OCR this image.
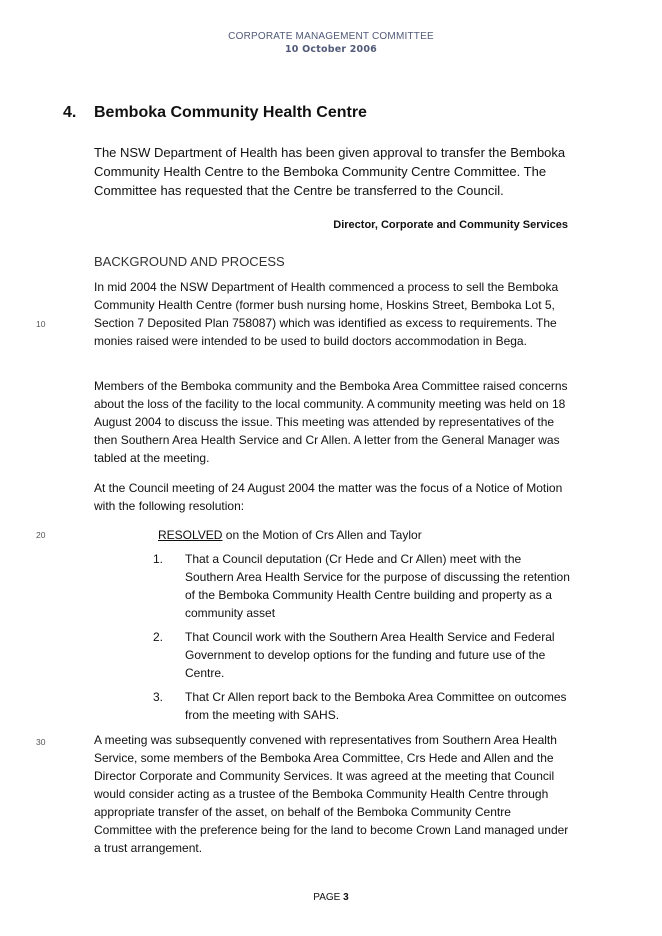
CORPORATE MANAGEMENT COMMITTEE
10 October 2006
4. Bemboka Community Health Centre
The NSW Department of Health has been given approval to transfer the Bemboka Community Health Centre to the Bemboka Community Centre Committee. The Committee has requested that the Centre be transferred to the Council.
Director, Corporate and Community Services
BACKGROUND AND PROCESS
10
20
30
In mid 2004 the NSW Department of Health commenced a process to sell the Bemboka Community Health Centre (former bush nursing home, Hoskins Street, Bemboka Lot 5, Section 7 Deposited Plan 758087) which was identified as excess to requirements. The monies raised were intended to be used to build doctors accommodation in Bega.
Members of the Bemboka community and the Bemboka Area Committee raised concerns about the loss of the facility to the local community. A community meeting was held on 18 August 2004 to discuss the issue. This meeting was attended by representatives of the then Southern Area Health Service and Cr Allen. A letter from the General Manager was tabled at the meeting.
At the Council meeting of 24 August 2004 the matter was the focus of a Notice of Motion with the following resolution:
RESOLVED on the Motion of Crs Allen and Taylor
1. That a Council deputation (Cr Hede and Cr Allen) meet with the Southern Area Health Service for the purpose of discussing the retention of the Bemboka Community Health Centre building and property as a community asset
2. That Council work with the Southern Area Health Service and Federal Government to develop options for the funding and future use of the Centre.
3. That Cr Allen report back to the Bemboka Area Committee on outcomes from the meeting with SAHS.
A meeting was subsequently convened with representatives from Southern Area Health Service, some members of the Bemboka Area Committee, Crs Hede and Allen and the Director Corporate and Community Services. It was agreed at the meeting that Council would consider acting as a trustee of the Bemboka Community Health Centre through appropriate transfer of the asset, on behalf of the Bemboka Community Centre Committee with the preference being for the land to become Crown Land managed under a trust arrangement.
PAGE 3
